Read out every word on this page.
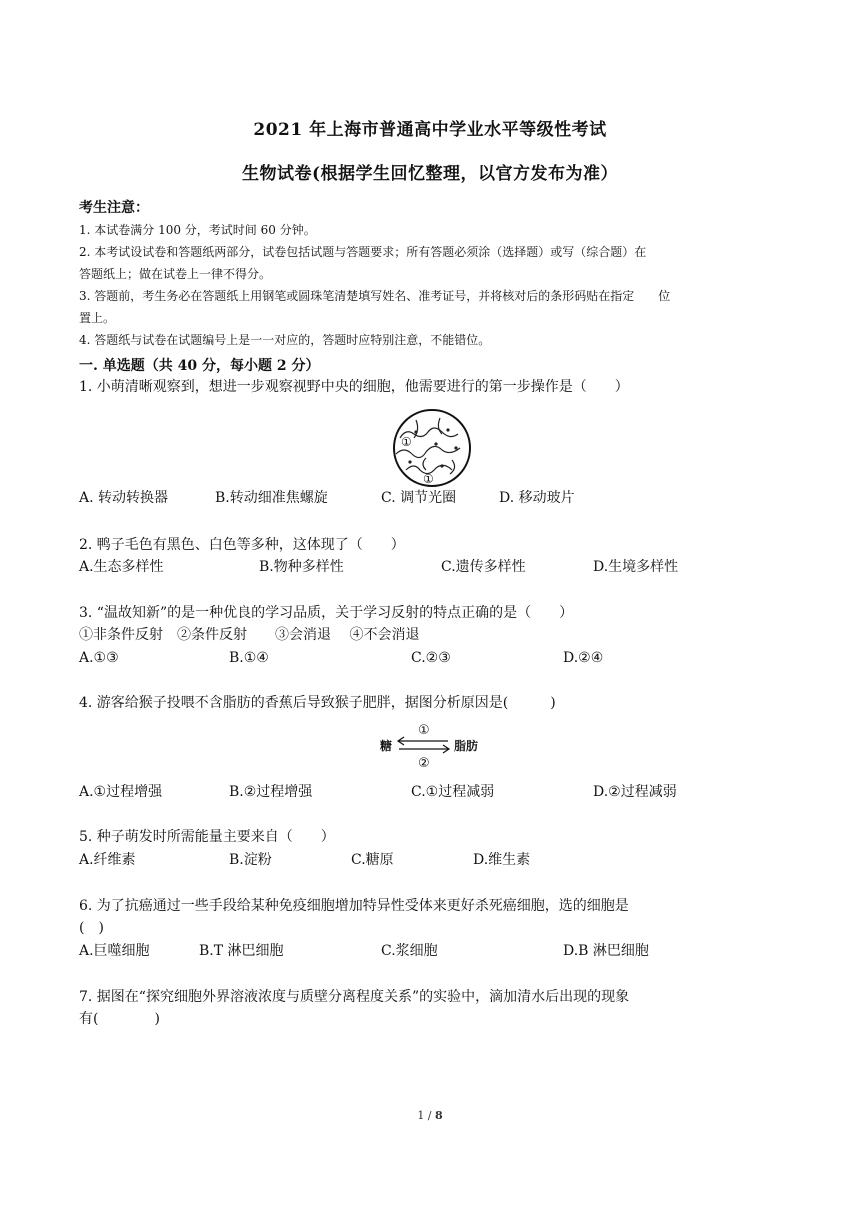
2021 年上海市普通高中学业水平等级性考试
生物试卷(根据学生回忆整理，以官方发布为准）
考生注意：
1. 本试卷满分 100 分，考试时间 60 分钟。
2. 本考试设试卷和答题纸两部分，试卷包括试题与答题要求；所有答题必须涂（选择题）或写（综合题）在
答题纸上；做在试卷上一律不得分。
3. 答题前，考生务必在答题纸上用钢笔或圆珠笔清楚填写姓名、准考证号，并将核对后的条形码贴在指定　　位
置上。
4. 答题纸与试卷在试题编号上是一一对应的，答题时应特别注意，不能错位。
一. 单选题（共 40 分，每小题 2 分）
1. 小萌清晰观察到，想进一步观察视野中央的细胞，他需要进行的第一步操作是（　　）
①
①
A. 转动转换器	B.转动细准焦螺旋	C. 调节光圈	D. 移动玻片
2. 鸭子毛色有黑色、白色等多种，这体现了（　　）
A.生态多样性	B.物种多样性	C.遗传多样性	D.生境多样性
3. “温故知新”的是一种优良的学习品质，关于学习反射的特点正确的是（　　）
①非条件反射　②条件反射　　③会消退　 ④不会消退
A.①③	B.①④	C.②③	D.②④
4. 游客给猴子投喂不含脂肪的香蕉后导致猴子肥胖，据图分析原因是(　　　)
糖	脂肪
①
②
A.①过程增强	B.②过程增强	C.①过程减弱	D.②过程减弱
5. 种子萌发时所需能量主要来自（　　）
A.纤维素	B.淀粉	C.糖原	D.维生素
6. 为了抗癌通过一些手段给某种免疫细胞增加特异性受体来更好杀死癌细胞，选的细胞是
(　)
A.巨噬细胞	B.T 淋巴细胞	C.浆细胞	D.B 淋巴细胞
7. 据图在“探究细胞外界溶液浓度与质壁分离程度关系”的实验中，滴加清水后出现的现象
有(　　　　)
1 / 8
